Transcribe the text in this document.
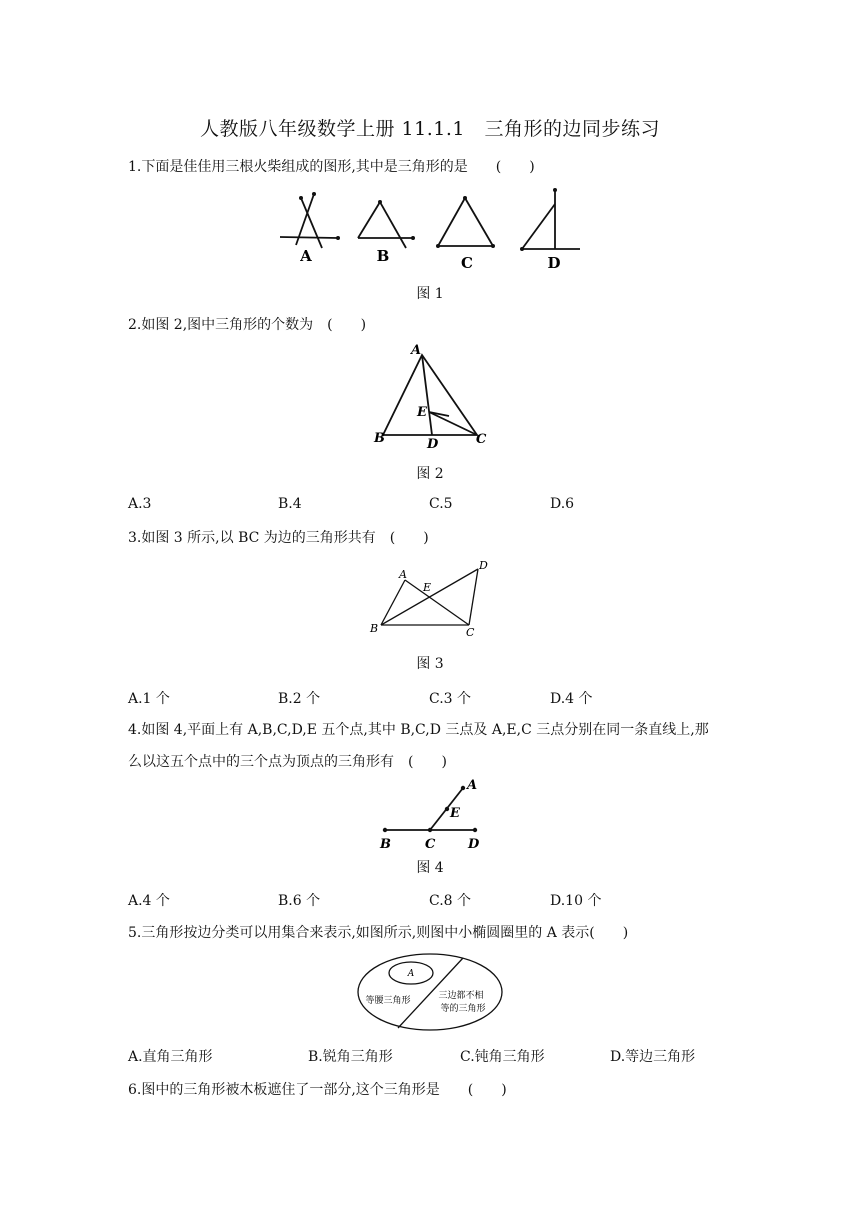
人教版八年级数学上册 11.1.1　三角形的边同步练习
1.下面是佳佳用三根火柴组成的图形,其中是三角形的是　　(　　)
A	B	C	D
图 1
2.如图 2,图中三角形的个数为　(　　)
A
B	C
D
E
图 2
A.3	B.4	C.5	D.6
3.如图 3 所示,以 BC 为边的三角形共有　(　　)
A
B	C
D
E
图 3
A.1 个	B.2 个	C.3 个	D.4 个
4.如图 4,平面上有 A,B,C,D,E 五个点,其中 B,C,D 三点及 A,E,C 三点分别在同一条直线上,那
么以这五个点中的三个点为顶点的三角形有　(　　)
A
B	C	D
E
图 4
A.4 个	B.6 个	C.8 个	D.10 个
5.三角形按边分类可以用集合来表示,如图所示,则图中小椭圆圈里的 A 表示(　　)
A
等腰三角形	三边都不相
等的三角形
A.直角三角形	B.锐角三角形	C.钝角三角形	D.等边三角形
6.图中的三角形被木板遮住了一部分,这个三角形是　　(　　)
